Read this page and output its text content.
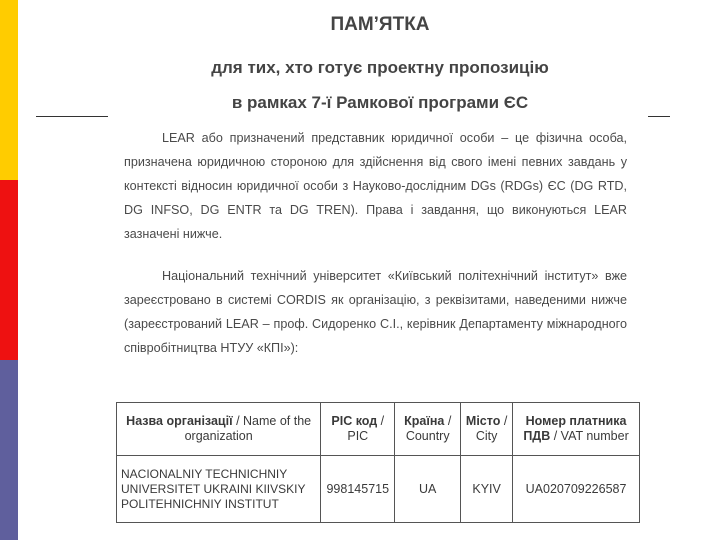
ПАМ’ЯТКА
для тих, хто готує проектну пропозицію
в рамках 7-ї Рамкової програми ЄС

LEAR або призначений представник юридичної особи – це фізична особа, призначена юридичною стороною для здійснення від свого імені певних завдань у контексті відносин юридичної особи з Науково-дослідним DGs (RDGs) ЄС (DG RTD, DG INFSO, DG ENTR та DG TREN). Права і завдання, що виконуються LEAR зазначені нижче.

Національний технічний університет «Київський політехнічний інститут» вже зареєстровано в системі CORDIS як організацію, з реквізитами, наведеними нижче (зареєстрований LEAR – проф. Сидоренко С.І., керівник Департаменту міжнародного співробітництва НТУУ «КПІ»):

Назва організації / Name of the organization	PIC код / PIC	Країна / Country	Місто / City	Номер платника ПДВ / VAT number
NACIONALNIY TECHNICHNIY UNIVERSITET UKRAINI KIIVSKIY POLITEHNICHNIY INSTITUT	998145715	UA	KYIV	UA020709226587
